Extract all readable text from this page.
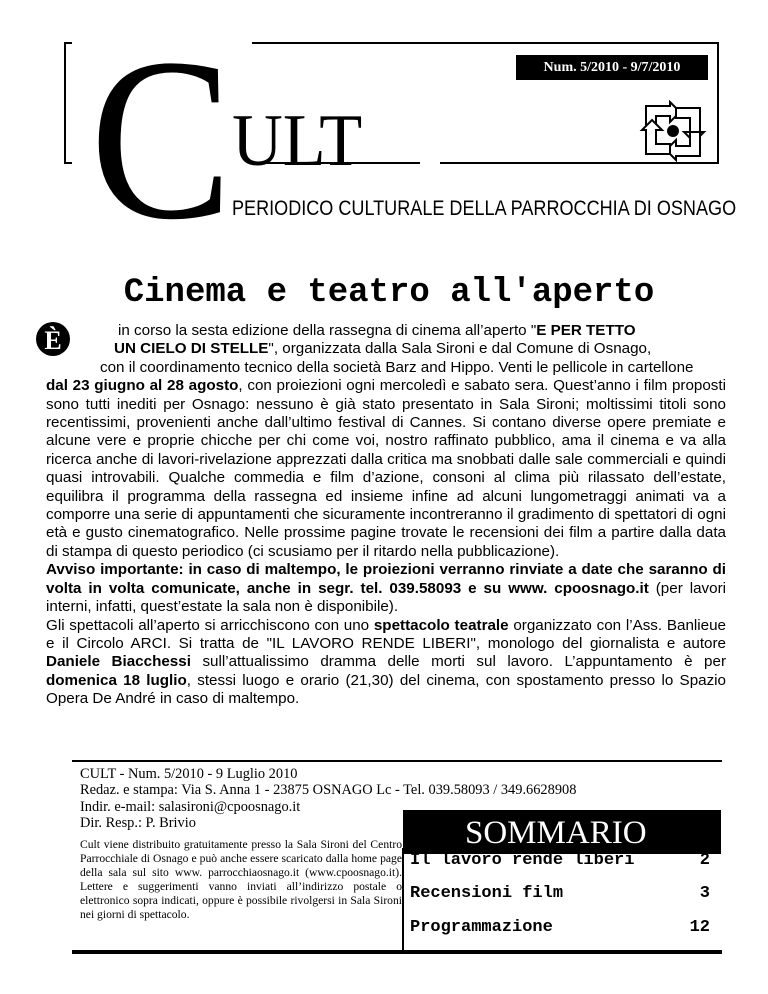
C ULT
PERIODICO CULTURALE DELLA PARROCCHIA DI OSNAGO
Num. 5/2010 - 9/7/2010
Cinema e teatro all'aperto
È	in corso la sesta edizione della rassegna di cinema all’aperto "E PER TETTO
UN CIELO DI STELLE", organizzata dalla Sala Sironi e dal Comune di Osnago,
con il coordinamento tecnico della società Barz and Hippo. Venti le pellicole in cartellone
dal 23 giugno al 28 agosto, con proiezioni ogni mercoledì e sabato sera. Quest’anno i film proposti sono tutti inediti per Osnago: nessuno è già stato presentato in Sala Sironi; moltissimi titoli sono recentissimi, provenienti anche dall’ultimo festival di Cannes. Si contano diverse opere premiate e alcune vere e proprie chicche per chi come voi, nostro raffinato pubblico, ama il cinema e va alla ricerca anche di lavori-rivelazione apprezzati dalla critica ma snobbati dalle sale commerciali e quindi quasi introvabili. Qualche commedia e film d’azione, consoni al clima più rilassato dell’estate, equilibra il programma della rassegna ed insieme infine ad alcuni lungometraggi animati va a comporre una serie di appuntamenti che sicuramente incontreranno il gradimento di spettatori di ogni età e gusto cinematografico. Nelle prossime pagine trovate le recensioni dei film a partire dalla data di stampa di questo periodico (ci scusiamo per il ritardo nella pubblicazione).

Avviso importante: in caso di maltempo, le proiezioni verranno rinviate a date che saranno di volta in volta comunicate, anche in segr. tel. 039.58093 e su www. cpoosnago.it (per lavori interni, infatti, quest’estate la sala non è disponibile).

Gli spettacoli all’aperto si arricchiscono con uno spettacolo teatrale organizzato con l’Ass. Banlieue e il Circolo ARCI. Si tratta de "IL LAVORO RENDE LIBERI", monologo del giornalista e autore Daniele Biacchessi sull’attualissimo dramma delle morti sul lavoro. L’appuntamento è per domenica 18 luglio, stessi luogo e orario (21,30) del cinema, con spostamento presso lo Spazio Opera De André in caso di maltempo.

CULT - Num. 5/2010 - 9 Luglio 2010
Redaz. e stampa: Via S. Anna 1 - 23875 OSNAGO Lc - Tel. 039.58093 / 349.6628908
Indir. e-mail: salasironi@cpoosnago.it
Dir. Resp.: P. Brivio
Cult viene distribuito gratuitamente presso la Sala Sironi del Centro Parrocchiale di Osnago e può anche essere scaricato dalla home page della sala sul sito www. parrocchiaosnago.it (www.cpoosnago.it). Lettere e suggerimenti vanno inviati all’indirizzo postale o elettronico sopra indicati, oppure è possibile rivolgersi in Sala Sironi nei giorni di spettacolo.
SOMMARIO
Il lavoro rende liberi	2
Recensioni film	3
Programmazione	12
